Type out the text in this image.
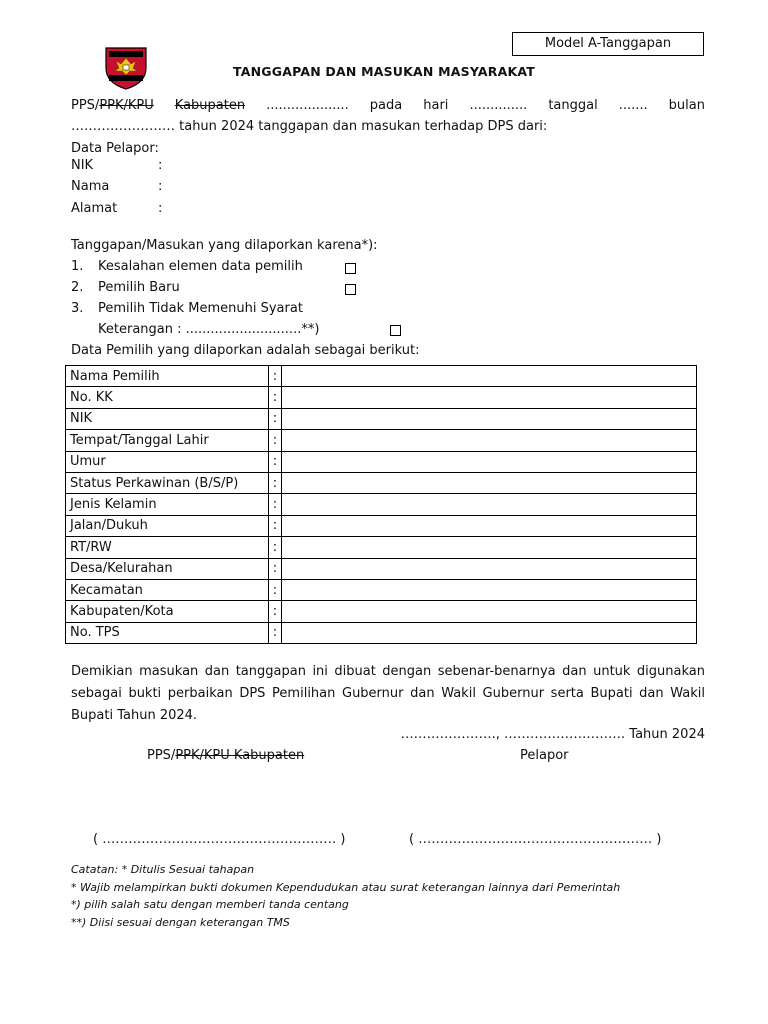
Model A-Tanggapan
TANGGAPAN DAN MASUKAN MASYARAKAT
PPS/PPK/KPU Kabupaten .................... pada hari .............. tanggal ....... bulan
…………………… tahun 2024 tanggapan dan masukan terhadap DPS dari:
Data Pelapor:
NIK	:
Nama	:
Alamat	:
Tanggapan/Masukan yang dilaporkan karena*):
1. Kesalahan elemen data pemilih
2. Pemilih Baru
3. Pemilih Tidak Memenuhi Syarat
Keterangan : ............................**)
Data Pemilih yang dilaporkan adalah sebagai berikut:
Nama Pemilih	:	
No. KK	:	
NIK	:	
Tempat/Tanggal Lahir	:	
Umur	:	
Status Perkawinan (B/S/P)	:	
Jenis Kelamin	:	
Jalan/Dukuh	:	
RT/RW	:	
Desa/Kelurahan	:	
Kecamatan	:	
Kabupaten/Kota	:	
No. TPS	:	
Demikian masukan dan tanggapan ini dibuat dengan sebenar-benarnya dan untuk digunakan sebagai bukti perbaikan DPS Pemilihan Gubernur dan Wakil Gubernur serta Bupati dan Wakil Bupati Tahun 2024.
…………………., ………………………. Tahun 2024
PPS/PPK/KPU Kabupaten	Pelapor
( ……………………………………………… )	( ……………………………………………… )
Catatan: * Ditulis Sesuai tahapan
* Wajib melampirkan bukti dokumen Kependudukan atau surat keterangan lainnya dari Pemerintah
*) pilih salah satu dengan memberi tanda centang
**) Diisi sesuai dengan keterangan TMS
